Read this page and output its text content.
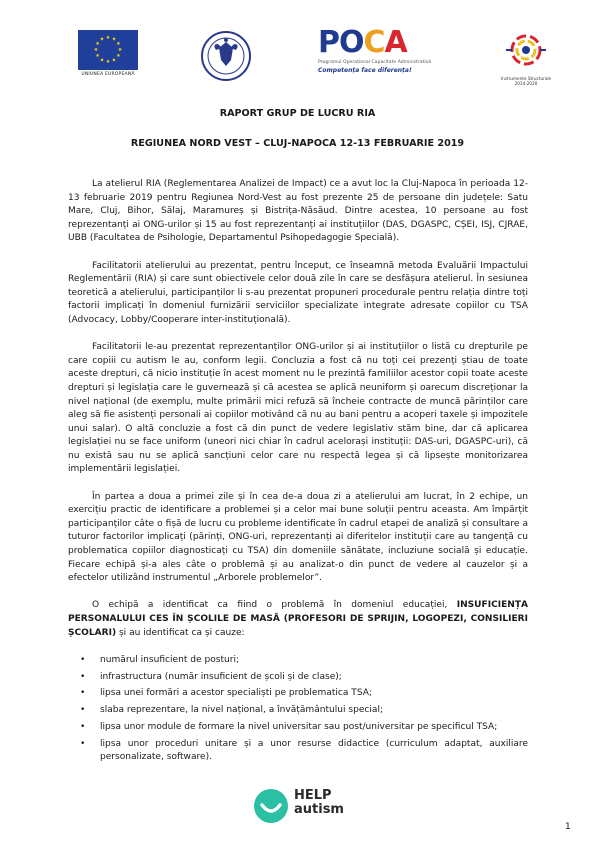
★ ★
★
★
★
★
★
★
★
★
★
★
UNIUNEA EUROPEANĂ
POCA
Programul Operațional Capacitate Administrativă
Competența face diferența!
Instrumente Structurale 2014-2020

RAPORT GRUP DE LUCRU RIA

REGIUNEA NORD VEST – CLUJ-NAPOCA 12-13 FEBRUARIE 2019

La atelierul RIA (Reglementarea Analizei de Impact) ce a avut loc la Cluj-Napoca în perioada 12-13 februarie 2019 pentru Regiunea Nord-Vest au fost prezente 25 de persoane din județele: Satu Mare, Cluj, Bihor, Sălaj, Maramureș și Bistrița-Năsăud. Dintre acestea, 10 persoane au fost reprezentanți ai ONG-urilor și 15 au fost reprezentanți ai instituțiilor (DAS, DGASPC, CȘEI, ISJ, CJRAE, UBB (Facultatea de Psihologie, Departamentul Psihopedagogie Specială).

Facilitatorii atelierului au prezentat, pentru început, ce înseamnă metoda Evaluării Impactului Reglementării (RIA) și care sunt obiectivele celor două zile în care se desfășura atelierul. În sesiunea teoretică a atelierului, participanților li s-au prezentat propuneri procedurale pentru relația dintre toți factorii implicați în domeniul furnizării serviciilor specializate integrate adresate copiilor cu TSA (Advocacy, Lobby/Cooperare inter-instituțională).

Facilitatorii le-au prezentat reprezentanților ONG-urilor și ai instituțiilor o listă cu drepturile pe care copiii cu autism le au, conform legii. Concluzia a fost că nu toți cei prezenți știau de toate aceste drepturi, că nicio instituție în acest moment nu le prezintă familiilor acestor copii toate aceste drepturi și legislația care le guvernează și că acestea se aplică neuniform și oarecum discreționar la nivel național (de exemplu, multe primării mici refuză să încheie contracte de muncă părinților care aleg să fie asistenți personali ai copiilor motivând că nu au bani pentru a acoperi taxele și impozitele unui salar). O altă concluzie a fost că din punct de vedere legislativ stăm bine, dar că aplicarea legislației nu se face uniform (uneori nici chiar în cadrul acelorași instituții: DAS-uri, DGASPC-uri), că nu există sau nu se aplică sancțiuni celor care nu respectă legea și că lipsește monitorizarea implementării legislației.

În partea a doua a primei zile și în cea de-a doua zi a atelierului am lucrat, în 2 echipe, un exercițiu practic de identificare a problemei și a celor mai bune soluții pentru aceasta. Am împărțit participanților câte o fișă de lucru cu probleme identificate în cadrul etapei de analiză și consultare a tuturor factorilor implicați (părinți, ONG-uri, reprezentanți ai diferitelor instituții care au tangență cu problematica copiilor diagnosticați cu TSA) din domeniile sănătate, incluziune socială și educație. Fiecare echipă și-a ales câte o problemă și au analizat-o din punct de vedere al cauzelor și a efectelor utilizând instrumentul „Arborele problemelor”.

O echipă a identificat ca fiind o problemă în domeniul educației, INSUFICIENȚA PERSONALULUI CES ÎN ȘCOLILE DE MASĂ (PROFESORI DE SPRIJIN, LOGOPEZI, CONSILIERI ȘCOLARI) și au identificat ca și cauze:

• numărul insuficient de posturi;
• infrastructura (număr insuficient de școli și de clase);
• lipsa unei formări a acestor specialiști pe problematica TSA;
• slaba reprezentare, la nivel național, a învățământului special;
• lipsa unor module de formare la nivel universitar sau post/universitar pe specificul TSA;
• lipsa unor proceduri unitare și a unor resurse didactice (curriculum adaptat, auxiliare personalizate, software).
HELP
autism
1
